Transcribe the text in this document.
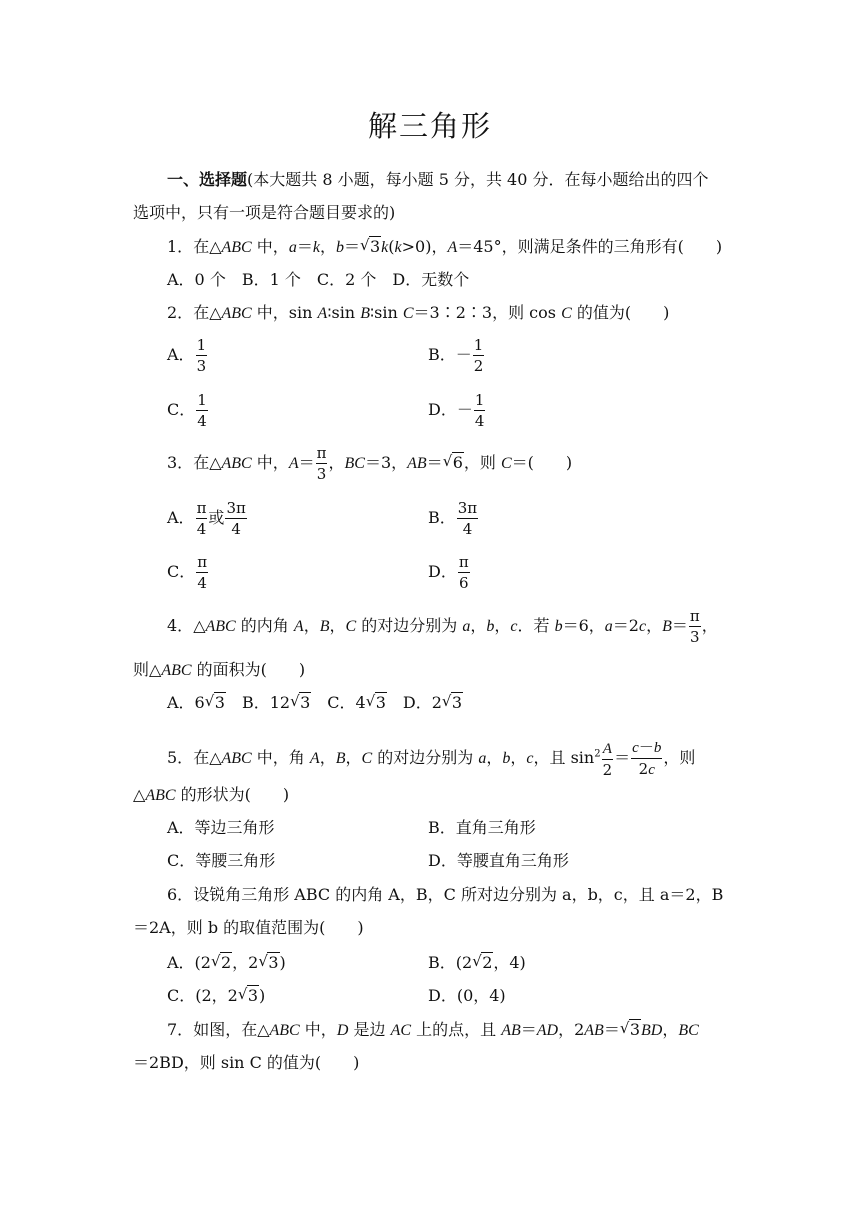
解三角形
一、选择题(本大题共 8 小题，每小题 5 分，共 40 分．在每小题给出的四个
选项中，只有一项是符合题目要求的)
1．在△ABC 中，a＝k，b＝ √ 3k(k>0)，A＝45°，则满足条件的三角形有(　　)
A．0 个　 B．1 个　 C．2 个　 D．无数个
2．在△ABC 中，sin A∶sin B∶sin C＝3∶2∶3，则 cos C 的值为(　　)
A． $\frac{1}{3}$	B．－ $\frac{1}{2}$
C． $\frac{1}{4}$	D．－ $\frac{1}{4}$
3．在△ABC 中，$A= \frac{\pi}{3}$ ，BC＝3，AB＝ √ 6，则 C＝(　　)
A． $\frac{\pi}{4}$ 或 $\frac{3\pi}{4}$	B． $\frac{3\pi}{4}$
C． $\frac{\pi}{4}$	D． $\frac{\pi}{6}$
4．△ABC 的内角 A，B，C 的对边分别为 a，b，c．若 b＝6，a＝2c，$B= \frac{\pi}{3}$ ，
则△ABC 的面积为(　　)
A．6 √ 3　B．12 √ 3　C．4 √ 3　D．2 √ 3
5．在△ABC 中，角 A，B，C 的对边分别为 a，b，c，且 $\sin^2 \frac{A}{2} = \frac{c-b}{2c}$ ，则
△ABC 的形状为(　　)
A．等边三角形	B．直角三角形
C．等腰三角形	D．等腰直角三角形
6．设锐角三角形 ABC 的内角 A，B，C 所对边分别为 a，b，c，且 a＝2，B
＝2A，则 b 的取值范围为(　　)
A．(2 √ 2，2 √ 3)	B．(2 √ 2，4)
C．(2，2 √ 3)	D．(0，4)
7．如图，在△ABC 中，D 是边 AC 上的点，且 AB＝AD，2AB＝ √ 3BD，BC
＝2BD，则 sin C 的值为(　　)
